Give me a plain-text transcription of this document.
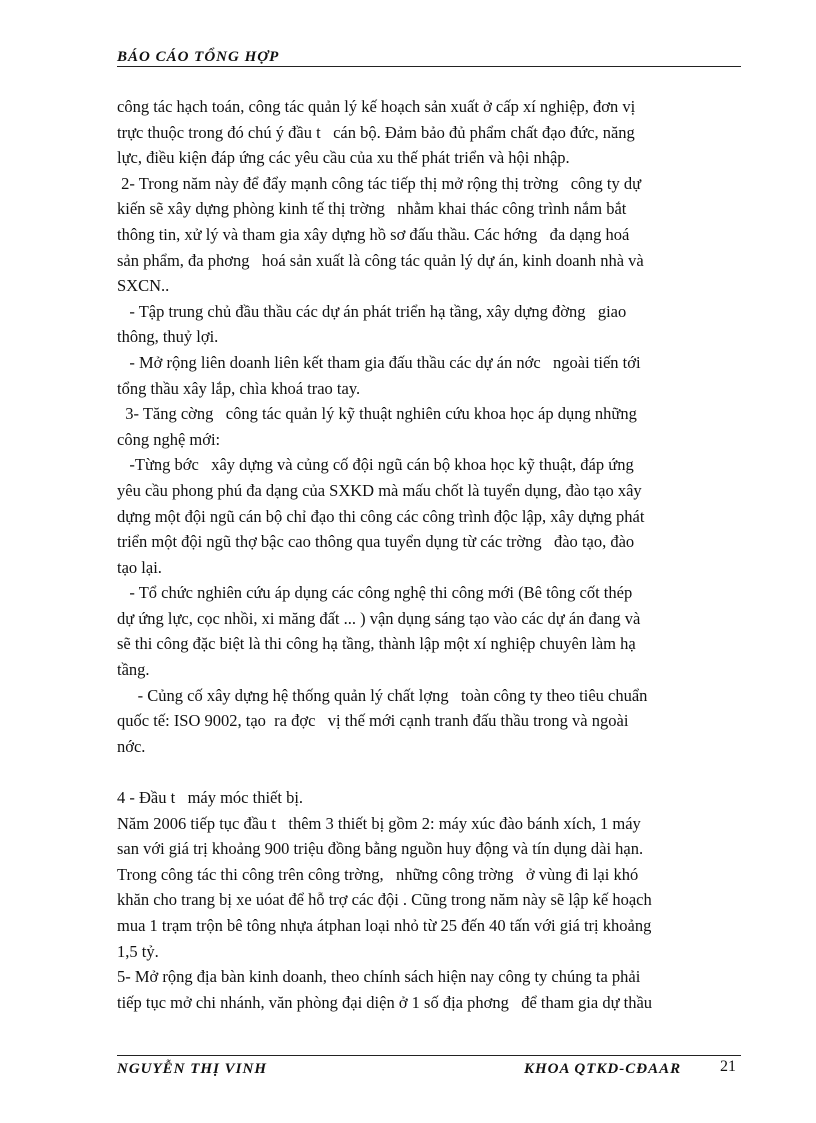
BÁO CÁO TỔNG HỢP
công tác hạch toán, công tác quản lý kế hoạch sản xuất ở cấp xí nghiệp, đơn vị
trực thuộc trong đó chú ý đầu t   cán bộ. Đảm bảo đủ phẩm chất đạo đức, năng
lực, điều kiện đáp ứng các yêu cầu của xu thế phát triển và hội nhập.
2- Trong năm này để đẩy mạnh công tác tiếp thị mở rộng thị trờng   công ty dự
kiến sẽ xây dựng phòng kinh tế thị trờng   nhằm khai thác công trình nắm bắt
thông tin, xử lý và tham gia xây dựng hồ sơ đấu thầu. Các hớng   đa dạng hoá
sản phẩm, đa phơng   hoá sản xuất là công tác quản lý dự án, kinh doanh nhà và
SXCN..
- Tập trung chủ đầu thầu các dự án phát triển hạ tầng, xây dựng đờng   giao
thông, thuỷ lợi.
- Mở rộng liên doanh liên kết tham gia đấu thầu các dự án nớc   ngoài tiến tới
tổng thầu xây lắp, chìa khoá trao tay.
3- Tăng cờng   công tác quản lý kỹ thuật nghiên cứu khoa học áp dụng những
công nghệ mới:
-Từng bớc   xây dựng và củng cố đội ngũ cán bộ khoa học kỹ thuật, đáp ứng
yêu cầu phong phú đa dạng của SXKD mà mấu chốt là tuyển dụng, đào tạo xây
dựng một đội ngũ cán bộ chỉ đạo thi công các công trình độc lập, xây dựng phát
triển một đội ngũ thợ bậc cao thông qua tuyển dụng từ các trờng   đào tạo, đào
tạo lại.
- Tổ chức nghiên cứu áp dụng các công nghệ thi công mới (Bê tông cốt thép
dự ứng lực, cọc nhồi, xi măng đất ... ) vận dụng sáng tạo vào các dự án đang và
sẽ thi công đặc biệt là thi công hạ tầng, thành lập một xí nghiệp chuyên làm hạ
tầng.
- Củng cố xây dựng hệ thống quản lý chất lợng   toàn công ty theo tiêu chuẩn
quốc tế: ISO 9002, tạo  ra đợc   vị thế mới cạnh tranh đấu thầu trong và ngoài
nớc.
4 - Đầu t   máy móc thiết bị.
Năm 2006 tiếp tục đầu t   thêm 3 thiết bị gồm 2: máy xúc đào bánh xích, 1 máy
san với giá trị khoảng 900 triệu đồng bằng nguồn huy động và tín dụng dài hạn.
Trong công tác thi công trên công trờng,   những công trờng   ở vùng đi lại khó
khăn cho trang bị xe uóat để hỗ trợ các đội . Cũng trong năm này sẽ lập kế hoạch
mua 1 trạm trộn bê tông nhựa átphan loại nhỏ từ 25 đến 40 tấn với giá trị khoảng
1,5 tỷ.
5- Mở rộng địa bàn kinh doanh, theo chính sách hiện nay công ty chúng ta phải
tiếp tục mở chi nhánh, văn phòng đại diện ở 1 số địa phơng   để tham gia dự thầu
NGUYỄN THỊ VINH	KHOA QTKD-CĐAAR 21
